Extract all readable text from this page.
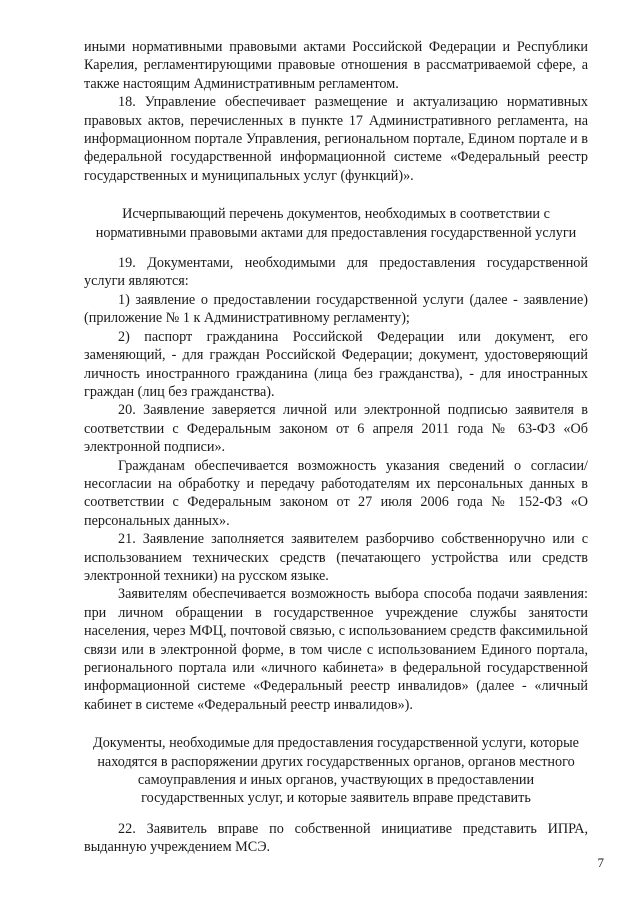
иными нормативными правовыми актами Российской Федерации и Республики Карелия, регламентирующими правовые отношения в рассматриваемой сфере, а также настоящим Административным регламентом.

18. Управление обеспечивает размещение и актуализацию нормативных правовых актов, перечисленных в пункте 17 Административного регламента, на информационном портале Управления, региональном портале, Едином портале и в федеральной государственной информационной системе «Федеральный реестр государственных и муниципальных услуг (функций)».

Исчерпывающий перечень документов, необходимых в соответствии с нормативными правовыми актами для предоставления государственной услуги

19. Документами, необходимыми для предоставления государственной услуги являются:

1) заявление о предоставлении государственной услуги (далее - заявление) (приложение № 1 к Административному регламенту);

2) паспорт гражданина Российской Федерации или документ, его заменяющий, - для граждан Российской Федерации; документ, удостоверяющий личность иностранного гражданина (лица без гражданства), - для иностранных граждан (лиц без гражданства).

20. Заявление заверяется личной или электронной подписью заявителя в соответствии с Федеральным законом от 6 апреля 2011 года № 63-ФЗ «Об электронной подписи».

Гражданам обеспечивается возможность указания сведений о согласии/несогласии на обработку и передачу работодателям их персональных данных в соответствии с Федеральным законом от 27 июля 2006 года № 152-ФЗ «О персональных данных».

21. Заявление заполняется заявителем разборчиво собственноручно или с использованием технических средств (печатающего устройства или средств электронной техники) на русском языке.

Заявителям обеспечивается возможность выбора способа подачи заявления: при личном обращении в государственное учреждение службы занятости населения, через МФЦ, почтовой связью, с использованием средств факсимильной связи или в электронной форме, в том числе с использованием Единого портала, регионального портала или «личного кабинета» в федеральной государственной информационной системе «Федеральный реестр инвалидов» (далее - «личный кабинет в системе «Федеральный реестр инвалидов»).

Документы, необходимые для предоставления государственной услуги, которые находятся в распоряжении других государственных органов, органов местного самоуправления и иных органов, участвующих в предоставлении государственных услуг, и которые заявитель вправе представить

22. Заявитель вправе по собственной инициативе представить ИПРА, выданную учреждением МСЭ.

7
